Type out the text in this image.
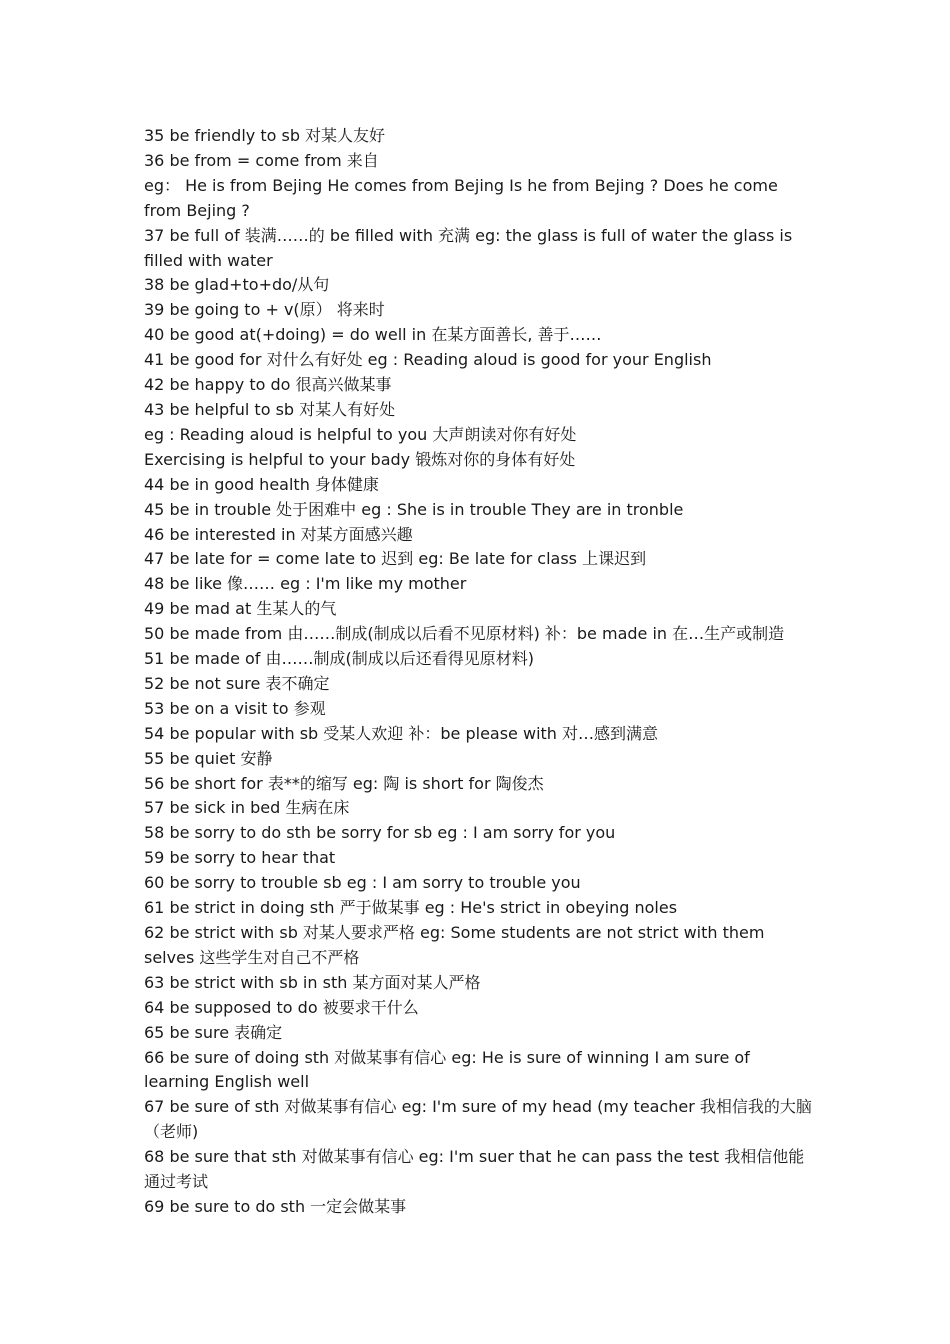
35 be friendly to sb 对某人友好

36 be from = come from 来自

eg： He is from Bejing He comes from Bejing Is he from Bejing ? Does he come from Bejing ?

37 be full of 装满……的 be filled with 充满 eg: the glass is full of water the glass is filled with water

38 be glad+to+do/从句

39 be going to + v(原） 将来时

40 be good at(+doing) = do well in 在某方面善长, 善于……

41 be good for 对什么有好处 eg : Reading aloud is good for your English

42 be happy to do 很高兴做某事

43 be helpful to sb 对某人有好处

eg : Reading aloud is helpful to you 大声朗读对你有好处

Exercising is helpful to your bady 锻炼对你的身体有好处

44 be in good health 身体健康

45 be in trouble 处于困难中 eg : She is in trouble They are in tronble

46 be interested in 对某方面感兴趣

47 be late for = come late to 迟到 eg: Be late for class 上课迟到

48 be like 像…… eg : I'm like my mother

49 be mad at 生某人的气

50 be made from 由……制成(制成以后看不见原材料) 补：be made in 在…生产或制造

51 be made of 由……制成(制成以后还看得见原材料)

52 be not sure 表不确定

53 be on a visit to 参观

54 be popular with sb 受某人欢迎 补：be please with 对…感到满意

55 be quiet 安静

56 be short for 表**的缩写 eg: 陶 is short for 陶俊杰

57 be sick in bed 生病在床

58 be sorry to do sth be sorry for sb eg : I am sorry for you

59 be sorry to hear that

60 be sorry to trouble sb eg : I am sorry to trouble you

61 be strict in doing sth 严于做某事 eg : He's strict in obeying noles

62 be strict with sb 对某人要求严格 eg: Some students are not strict with them selves 这些学生对自己不严格

63 be strict with sb in sth 某方面对某人严格

64 be supposed to do 被要求干什么

65 be sure 表确定

66 be sure of doing sth 对做某事有信心 eg: He is sure of winning I am sure of learning English well

67 be sure of sth 对做某事有信心 eg: I'm sure of my head (my teacher 我相信我的大脑（老师)

68 be sure that sth 对做某事有信心 eg: I'm suer that he can pass the test 我相信他能通过考试

69 be sure to do sth 一定会做某事
